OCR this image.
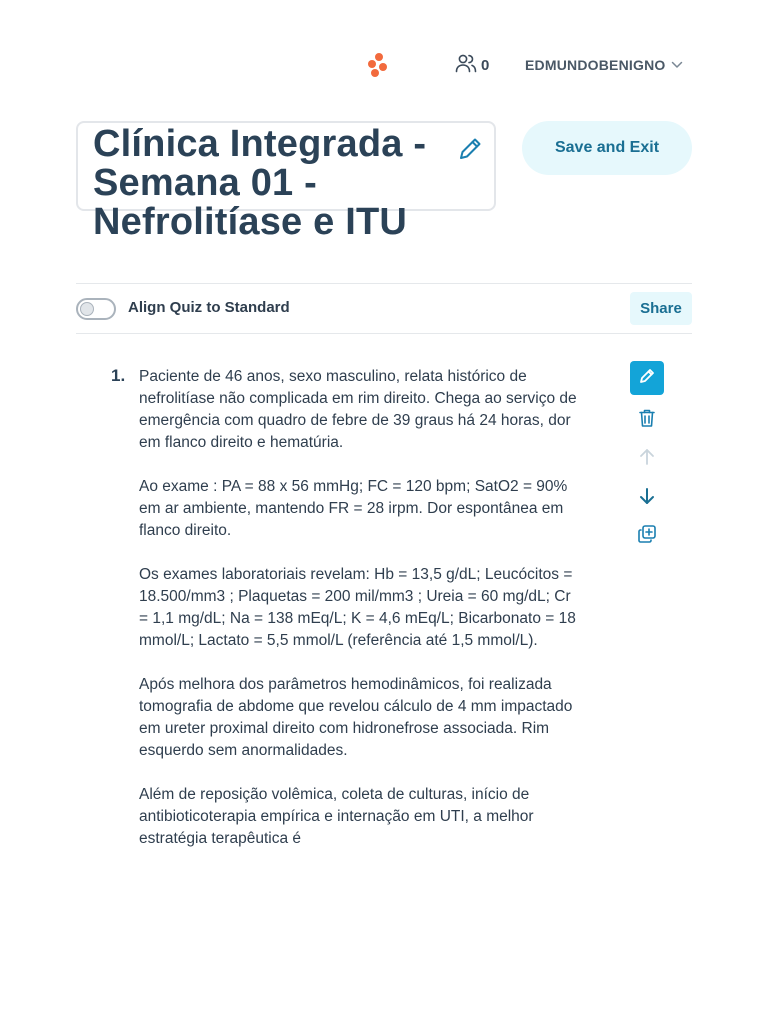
0	EDMUNDOBENIGNO
Clínica Integrada - Semana 01 - Nefrolitíase e ITU
Save and Exit
Align Quiz to Standard	Share
1. Paciente de 46 anos, sexo masculino, relata histórico de nefrolitíase não complicada em rim direito. Chega ao serviço de emergência com quadro de febre de 39 graus há 24 horas, dor em flanco direito e hematúria.

Ao exame : PA = 88 x 56 mmHg; FC = 120 bpm; SatO2 = 90% em ar ambiente, mantendo FR = 28 irpm. Dor espontânea em flanco direito.

Os exames laboratoriais revelam: Hb = 13,5 g/dL; Leucócitos = 18.500/mm3 ; Plaquetas = 200 mil/mm3 ; Ureia = 60 mg/dL; Cr = 1,1 mg/dL; Na = 138 mEq/L; K = 4,6 mEq/L; Bicarbonato = 18 mmol/L; Lactato = 5,5 mmol/L (referência até 1,5 mmol/L).

Após melhora dos parâmetros hemodinâmicos, foi realizada tomografia de abdome que revelou cálculo de 4 mm impactado em ureter proximal direito com hidronefrose associada. Rim esquerdo sem anormalidades.

Além de reposição volêmica, coleta de culturas, início de antibioticoterapia empírica e internação em UTI, a melhor estratégia terapêutica é
